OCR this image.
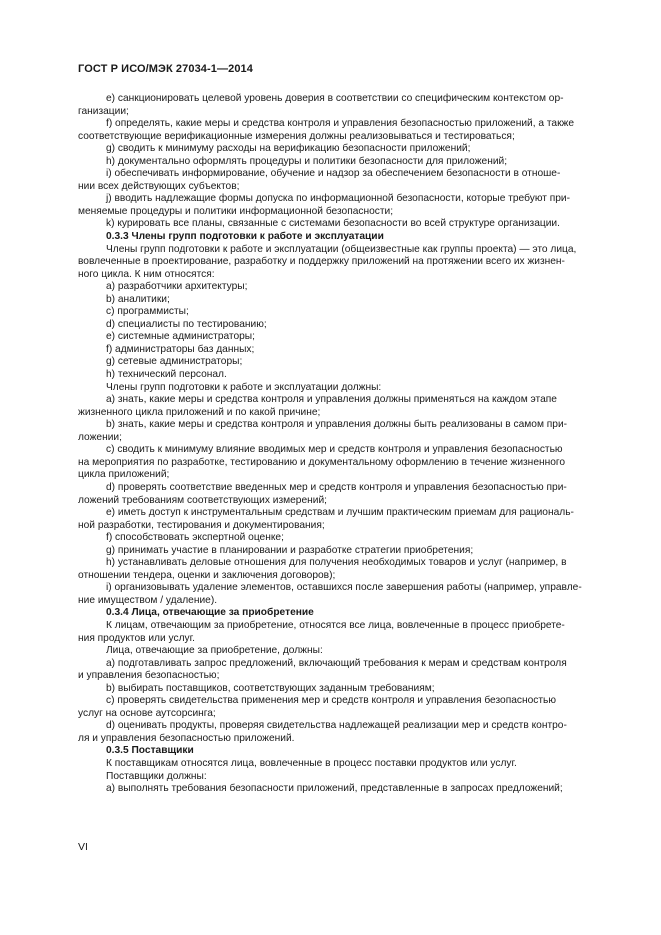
ГОСТ Р ИСО/МЭК 27034-1—2014

e) санкционировать целевой уровень доверия в соответствии со специфическим контекстом ор-

ганизации;

f) определять, какие меры и средства контроля и управления безопасностью приложений, а также

соответствующие верификационные измерения должны реализовываться и тестироваться;

g) сводить к минимуму расходы на верификацию безопасности приложений;

h) документально оформлять процедуры и политики безопасности для приложений;

i) обеспечивать информирование, обучение и надзор за обеспечением безопасности в отноше-

нии всех действующих субъектов;

j) вводить надлежащие формы допуска по информационной безопасности, которые требуют при-

меняемые процедуры и политики информационной безопасности;

k) курировать все планы, связанные с системами безопасности во всей структуре организации.

0.3.3 Члены групп подготовки к работе и эксплуатации

Члены групп подготовки к работе и эксплуатации (общеизвестные как группы проекта) — это лица,

вовлеченные в проектирование, разработку и поддержку приложений на протяжении всего их жизнен-

ного цикла. К ним относятся:

a) разработчики архитектуры;

b) аналитики;

c) программисты;

d) специалисты по тестированию;

e) системные администраторы;

f) администраторы баз данных;

g) сетевые администраторы;

h) технический персонал.

Члены групп подготовки к работе и эксплуатации должны:

a) знать, какие меры и средства контроля и управления должны применяться на каждом этапе

жизненного цикла приложений и по какой причине;

b) знать, какие меры и средства контроля и управления должны быть реализованы в самом при-

ложении;

c) сводить к минимуму влияние вводимых мер и средств контроля и управления безопасностью

на мероприятия по разработке, тестированию и документальному оформлению в течение жизненного

цикла приложений;

d) проверять соответствие введенных мер и средств контроля и управления безопасностью при-

ложений требованиям соответствующих измерений;

e) иметь доступ к инструментальным средствам и лучшим практическим приемам для рациональ-

ной разработки, тестирования и документирования;

f) способствовать экспертной оценке;

g) принимать участие в планировании и разработке стратегии приобретения;

h) устанавливать деловые отношения для получения необходимых товаров и услуг (например, в

отношении тендера, оценки и заключения договоров);

i) организовывать удаление элементов, оставшихся после завершения работы (например, управле-

ние имуществом / удаление).

0.3.4 Лица, отвечающие за приобретение

К лицам, отвечающим за приобретение, относятся все лица, вовлеченные в процесс приобрете-

ния продуктов или услуг.

Лица, отвечающие за приобретение, должны:

a) подготавливать запрос предложений, включающий требования к мерам и средствам контроля

и управления безопасностью;

b) выбирать поставщиков, соответствующих заданным требованиям;

c) проверять свидетельства применения мер и средств контроля и управления безопасностью

услуг на основе аутсорсинга;

d) оценивать продукты, проверяя свидетельства надлежащей реализации мер и средств контро-

ля и управления безопасностью приложений.

0.3.5 Поставщики

К поставщикам относятся лица, вовлеченные в процесс поставки продуктов или услуг.

Поставщики должны:

a) выполнять требования безопасности приложений, представленные в запросах предложений;

VI
